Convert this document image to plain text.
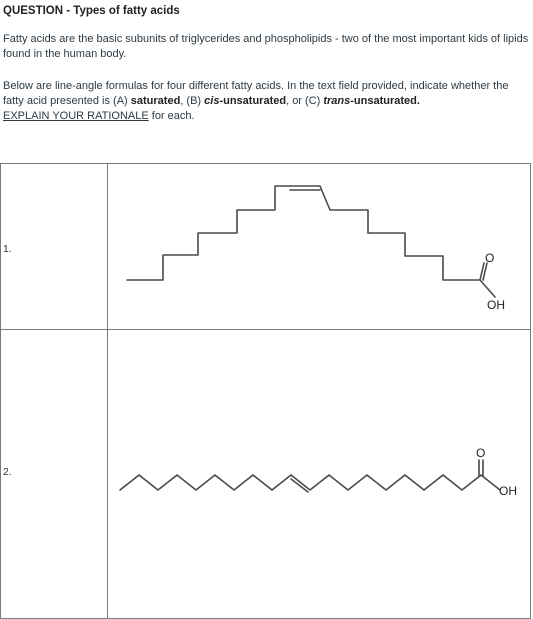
QUESTION - Types of fatty acids
Fatty acids are the basic subunits of triglycerides and phospholipids - two of the most important kids of lipids found in the human body.
Below are line-angle formulas for four different fatty acids. In the text field provided, indicate whether the fatty acid presented is (A) saturated, (B) cis-unsaturated, or (C) trans-unsaturated.
EXPLAIN YOUR RATIONALE for each.
1.
2.
O
OH
O
OH
